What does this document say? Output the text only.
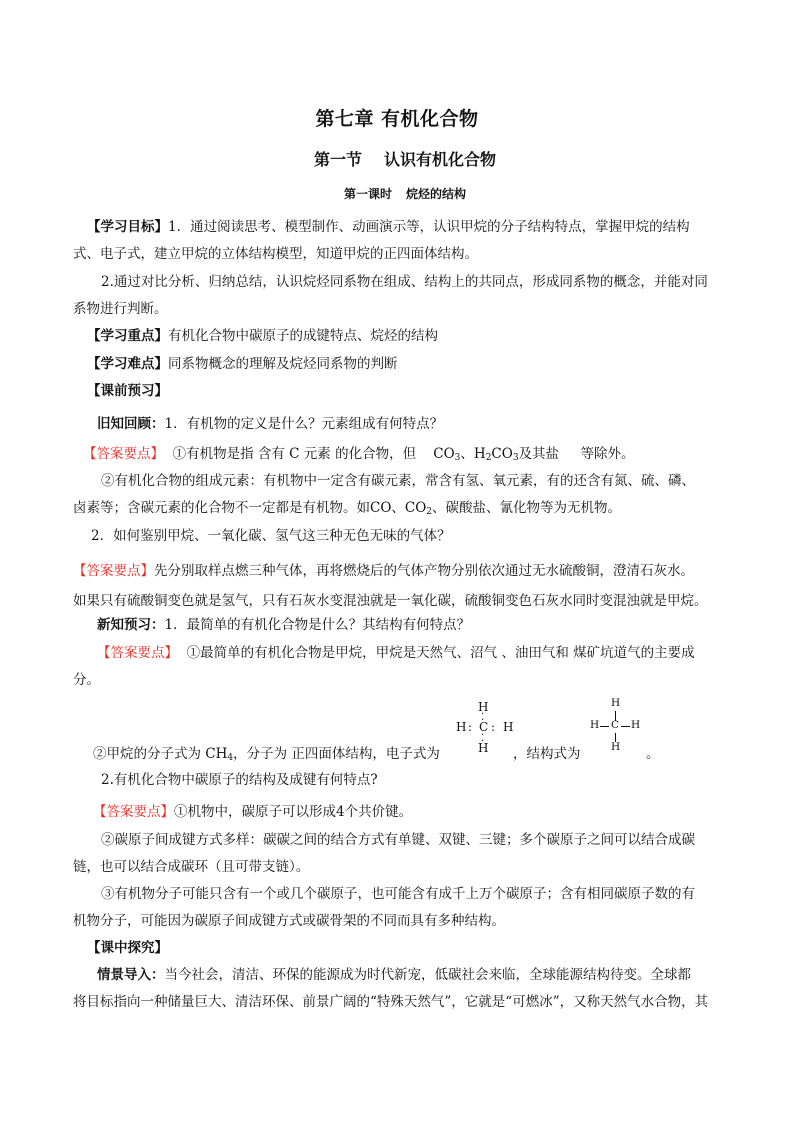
第七章 有机化合物
第一节 认识有机化合物
第一课时 烷烃的结构
【学习目标】1．通过阅读思考、模型制作、动画演示等，认识甲烷的分子结构特点，掌握甲烷的结构
式、电子式，建立甲烷的立体结构模型，知道甲烷的正四面体结构。
2.通过对比分析、归纳总结，认识烷烃同系物在组成、结构上的共同点，形成同系物的概念，并能对同
系物进行判断。
【学习重点】有机化合物中碳原子的成键特点、烷烃的结构
【学习难点】同系物概念的理解及烷烃同系物的判断
【课前预习】
旧知回顾：1．有机物的定义是什么？元素组成有何特点？
【答案要点】 ①有机物是指 含有 C 元素 的化合物，但 $CO_3$、$H_2CO_3$及其盐 等除外。
②有机化合物的组成元素：有机物中一定含有碳元素，常含有氢、氧元素，有的还含有氮、硫、磷、
卤素等；含碳元素的化合物不一定都是有机物。如CO、$CO_2$、碳酸盐、氰化物等为无机物。
2．如何鉴别甲烷、一氧化碳、氢气这三种无色无味的气体？
【答案要点】先分别取样点燃三种气体，再将燃烧后的气体产物分别依次通过无水硫酸铜，澄清石灰水。
如果只有硫酸铜变色就是氢气，只有石灰水变混浊就是一氧化碳，硫酸铜变色石灰水同时变混浊就是甲烷。
新知预习：1．最简单的有机化合物是什么？其结构有何特点？
【答案要点】 ①最简单的有机化合物是甲烷，甲烷是天然气、沼气 、油田气和 煤矿坑道气的主要成
分。
H
⁚
H : C : H
⁚
H
H
H C H
H
②甲烷的分子式为 $CH_4$，分子为 正四面体结构，电子式为	，结构式为	。
2.有机化合物中碳原子的结构及成键有何特点?
【答案要点】①机物中，碳原子可以形成4个共价键。
②碳原子间成键方式多样：碳碳之间的结合方式有单键、双键、三键；多个碳原子之间可以结合成碳
链，也可以结合成碳环（且可带支链）。
③有机物分子可能只含有一个或几个碳原子，也可能含有成千上万个碳原子；含有相同碳原子数的有
机物分子，可能因为碳原子间成键方式或碳骨架的不同而具有多种结构。
【课中探究】
情景导入：当今社会，清洁、环保的能源成为时代新宠，低碳社会来临，全球能源结构待变。全球都
将目标指向一种储量巨大、清洁环保、前景广阔的“特殊天然气”，它就是“可燃冰”，又称天然气水合物，其
